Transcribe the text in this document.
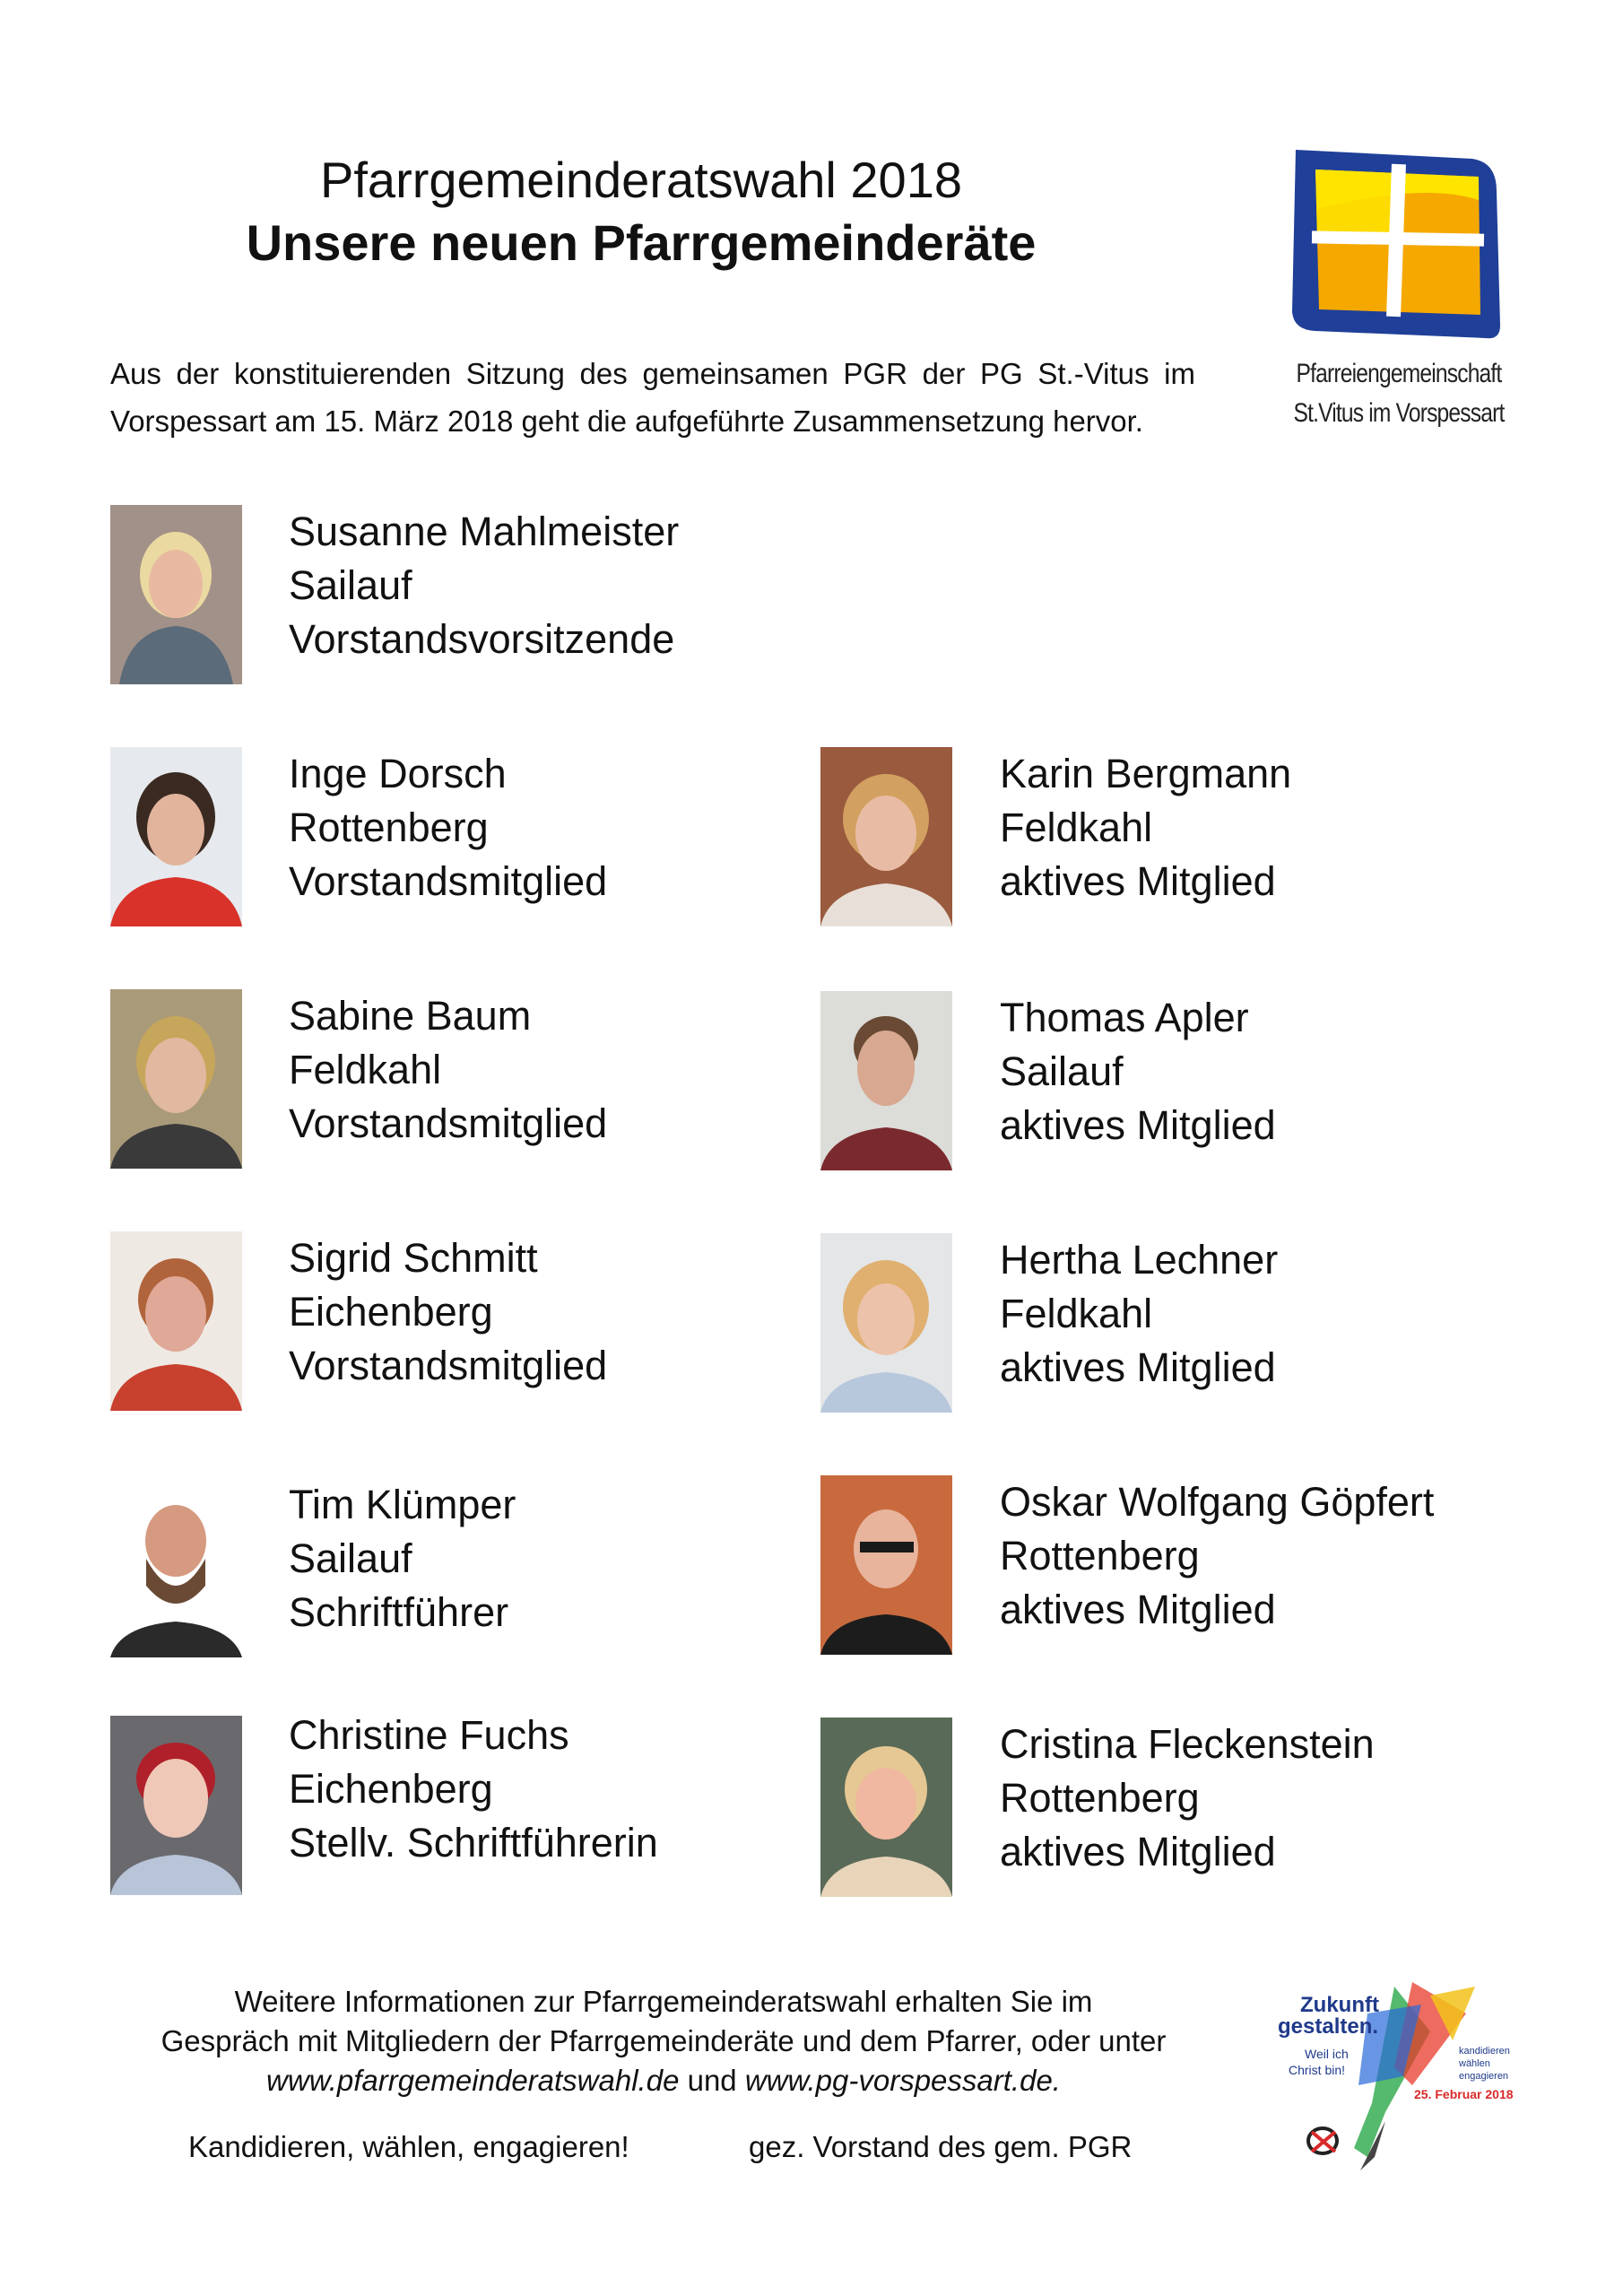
Pfarrgemeinderatswahl 2018
Unsere neuen Pfarrgemeinderäte
Aus der konstituierenden Sitzung des gemeinsamen PGR der PG St.-Vitus im
Vorspessart am 15. März 2018 geht die aufgeführte Zusammensetzung hervor.
Pfarreiengemeinschaft
St.Vitus im Vorspessart
Susanne Mahlmeister
Sailauf
Vorstandsvorsitzende
Inge Dorsch
Rottenberg
Vorstandsmitglied
Sabine Baum
Feldkahl
Vorstandsmitglied
Sigrid Schmitt
Eichenberg
Vorstandsmitglied
Tim Klümper
Sailauf
Schriftführer
Christine Fuchs
Eichenberg
Stellv. Schriftführerin
Karin Bergmann
Feldkahl
aktives Mitglied
Thomas Apler
Sailauf
aktives Mitglied
Hertha Lechner
Feldkahl
aktives Mitglied
Oskar Wolfgang Göpfert
Rottenberg
aktives Mitglied
Cristina Fleckenstein
Rottenberg
aktives Mitglied
Weitere Informationen zur Pfarrgemeinderatswahl erhalten Sie im
Gespräch mit Mitgliedern der Pfarrgemeinderäte und dem Pfarrer, oder unter
www.pfarrgemeinderatswahl.de und www.pg-vorspessart.de.
Kandidieren, wählen, engagieren!	gez. Vorstand des gem. PGR
Zukunft
gestalten.
Weil ich
Christ bin!
kandidieren
wählen
engagieren
25. Februar 2018
